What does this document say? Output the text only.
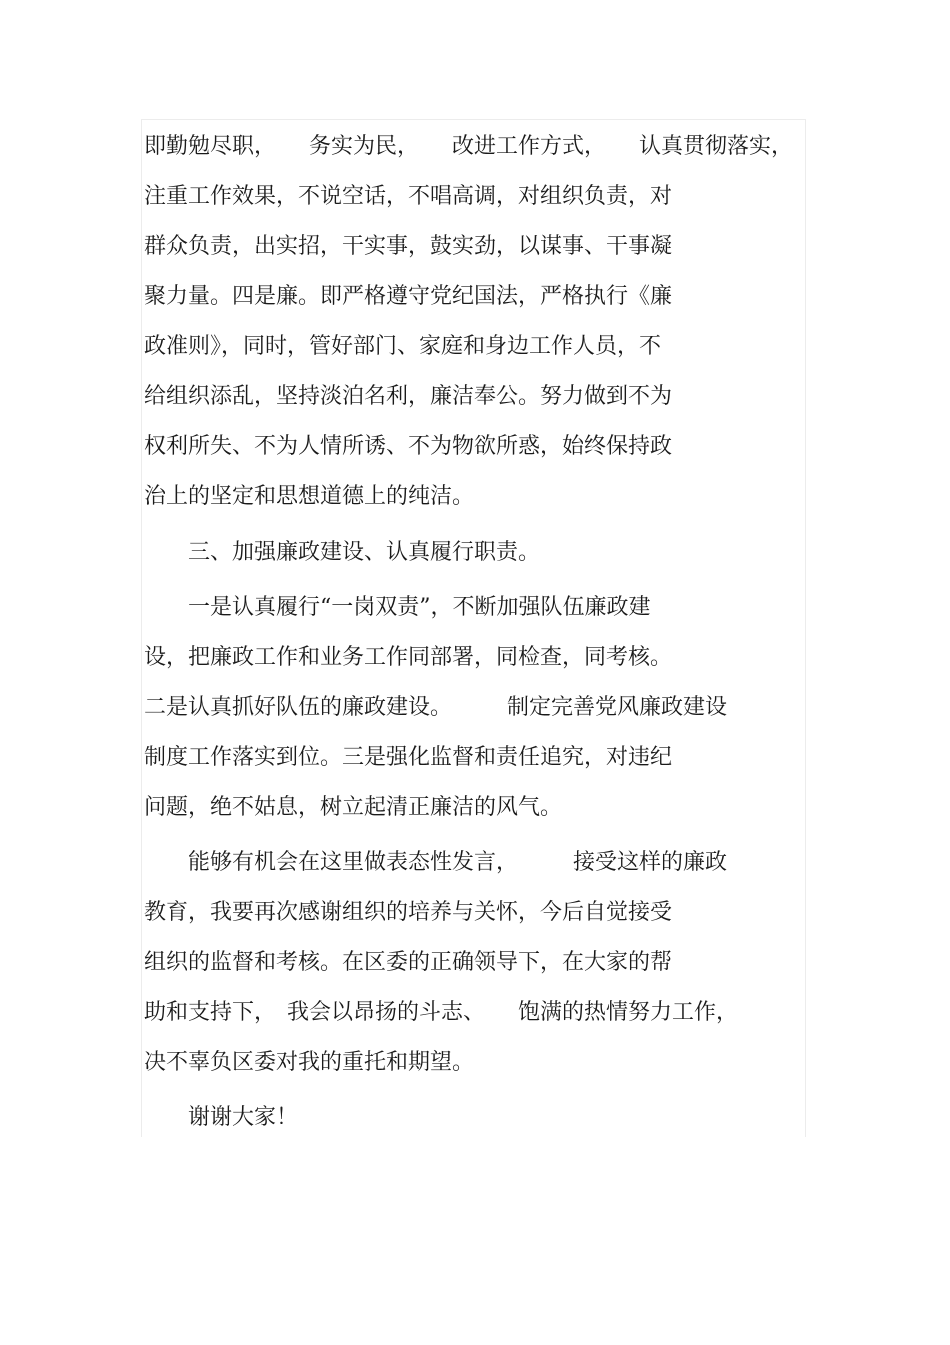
即勤勉尽职，　　务实为民，　　改进工作方式，　　认真贯彻落实，
注重工作效果，不说空话，不唱高调，对组织负责，对
群众负责，出实招，干实事，鼓实劲，以谋事、干事凝
聚力量。四是廉。即严格遵守党纪国法，严格执行《廉
政准则》，同时，管好部门、家庭和身边工作人员，不
给组织添乱，坚持淡泊名利，廉洁奉公。努力做到不为
权利所失、不为人情所诱、不为物欲所惑，始终保持政
治上的坚定和思想道德上的纯洁。
　　三、加强廉政建设、认真履行职责。
　　一是认真履行“一岗双责”，不断加强队伍廉政建
设，把廉政工作和业务工作同部署，同检查，同考核。
二是认真抓好队伍的廉政建设。　　　制定完善党风廉政建设
制度工作落实到位。三是强化监督和责任追究，对违纪
问题，绝不姑息，树立起清正廉洁的风气。
　　能够有机会在这里做表态性发言，　　　接受这样的廉政
教育，我要再次感谢组织的培养与关怀，今后自觉接受
组织的监督和考核。在区委的正确领导下，在大家的帮
助和支持下，　我会以昂扬的斗志、　　饱满的热情努力工作，
决不辜负区委对我的重托和期望。
　　谢谢大家！
